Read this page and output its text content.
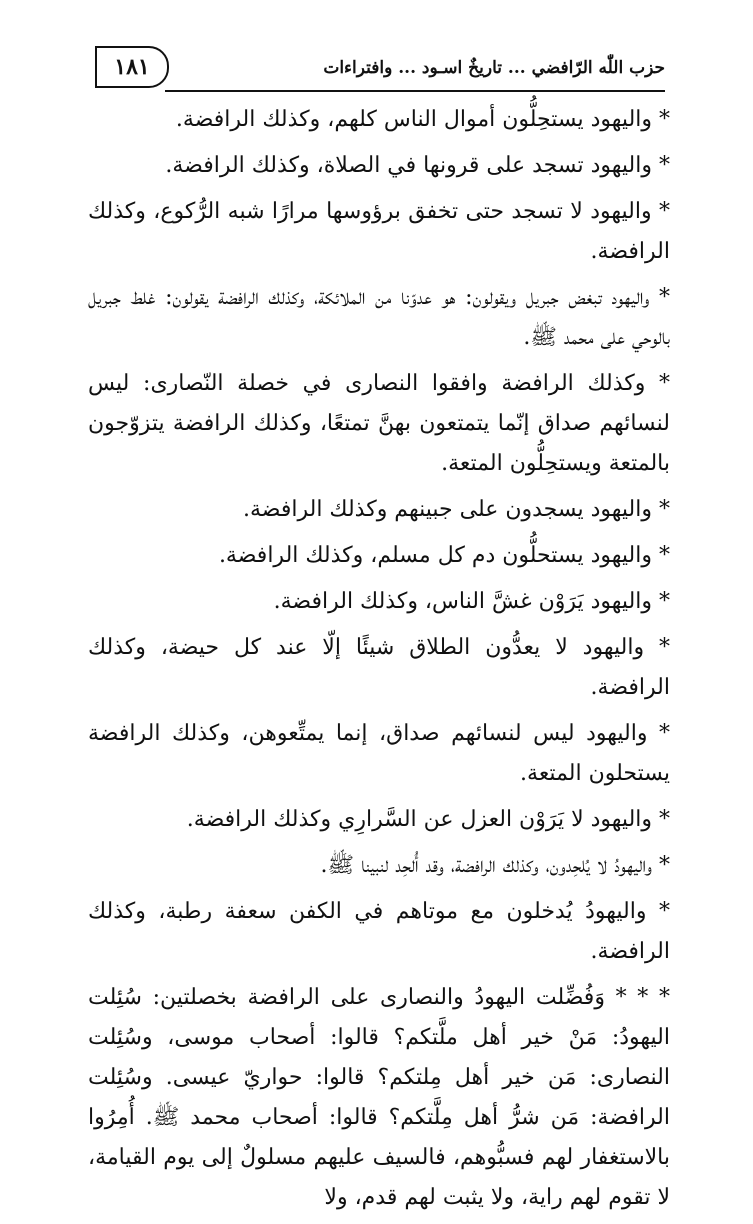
١٨١	حزب اللّٰه الرّافضي ... تاريخٌ اسـود ... وافتراءات

* واليهود يستحِلُّون أموال الناس كلهم، وكذلك الرافضة.

* واليهود تسجد على قرونها في الصلاة، وكذلك الرافضة.

* واليهود لا تسجد حتى تخفق برؤوسها مرارًا شبه الرُّكوع، وكذلك الرافضة.

* واليهود تبغض جبريل ويقولون: هو عدوّنا من الملائكة، وكذلك الرافضة يقولون: غلط جبريل بالوحي على محمد ﷺ.

* وكذلك الرافضة وافقوا النصارى في خصلة النّصارى: ليس لنسائهم صداق إنّما يتمتعون بهنَّ تمتعًا، وكذلك الرافضة يتزوّجون بالمتعة ويستحِلُّون المتعة.

* واليهود يسجدون على جبينهم وكذلك الرافضة.

* واليهود يستحلُّون دم كل مسلم، وكذلك الرافضة.

* واليهود يَرَوْن غشَّ الناس، وكذلك الرافضة.

* واليهود لا يعدُّون الطلاق شيئًا إلّا عند كل حيضة، وكذلك الرافضة.

* واليهود ليس لنسائهم صداق، إنما يمتِّعوهن، وكذلك الرافضة يستحلون المتعة.

* واليهود لا يَرَوْن العزل عن السَّرارِي وكذلك الرافضة.

* واليهودُ لا يُلحِدون، وكذلك الرافضة، وقد أُلحِد لنبينا ﷺ.

* واليهودُ يُدخلون مع موتاهم في الكفن سعفة رطبة، وكذلك الرافضة.

* * * وَفُضِّلت اليهودُ والنصارى على الرافضة بخصلتين: سُئِلت اليهودُ: مَنْ خير أهل ملَّتكم؟ قالوا: أصحاب موسى، وسُئِلت النصارى: مَن خير أهل مِلتكم؟ قالوا: حواريّ عيسى. وسُئِلت الرافضة: مَن شرُّ أهل مِلَّتكم؟ قالوا: أصحاب محمد ﷺ. أُمِرُوا بالاستغفار لهم فسبُّوهم، فالسيف عليهم مسلولٌ إلى يوم القيامة، لا تقوم لهم راية، ولا يثبت لهم قدم، ولا
